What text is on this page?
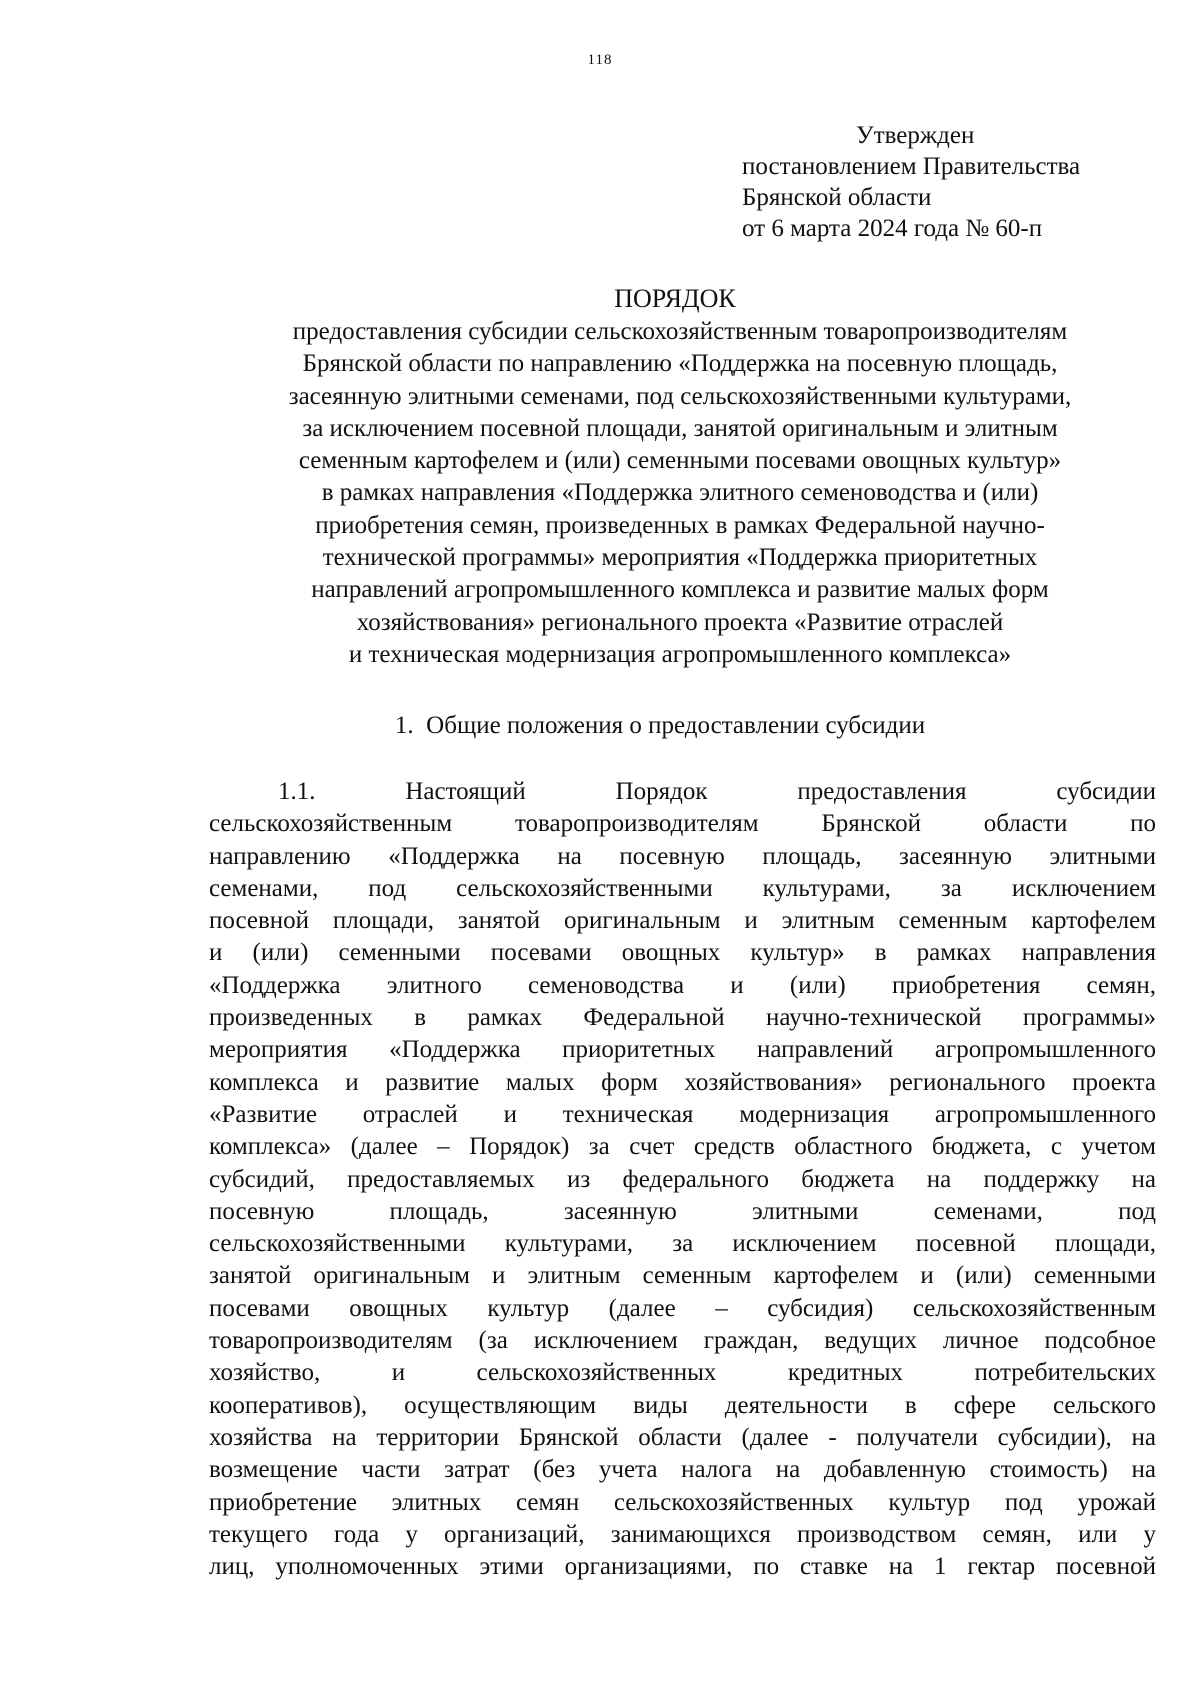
118
Утвержден
постановлением Правительства
Брянской области
от 6 марта 2024 года № 60-п
ПОРЯДОК
предоставления субсидии сельскохозяйственным товаропроизводителям
Брянской области по направлению «Поддержка на посевную площадь,
засеянную элитными семенами, под сельскохозяйственными культурами,
за исключением посевной площади, занятой оригинальным и элитным
семенным картофелем и (или) семенными посевами овощных культур»
в рамках направления «Поддержка элитного семеноводства и (или)
приобретения семян, произведенных в рамках Федеральной научно-
технической программы» мероприятия «Поддержка приоритетных
направлений агропромышленного комплекса и развитие малых форм
хозяйствования» регионального проекта «Развитие отраслей
и техническая модернизация агропромышленного комплекса»
1.  Общие положения о предоставлении субсидии
1.1. Настоящий Порядок предоставления субсидии
сельскохозяйственным товаропроизводителям Брянской области по
направлению «Поддержка на посевную площадь, засеянную элитными
семенами, под сельскохозяйственными культурами, за исключением
посевной площади, занятой оригинальным и элитным семенным картофелем
и (или) семенными посевами овощных культур» в рамках направления
«Поддержка элитного семеноводства и (или) приобретения семян,
произведенных в рамках Федеральной научно-технической программы»
мероприятия «Поддержка приоритетных направлений агропромышленного
комплекса и развитие малых форм хозяйствования» регионального проекта
«Развитие отраслей и техническая модернизация агропромышленного
комплекса» (далее – Порядок) за счет средств областного бюджета, с учетом
субсидий, предоставляемых из федерального бюджета на поддержку на
посевную площадь, засеянную элитными семенами, под
сельскохозяйственными культурами, за исключением посевной площади,
занятой оригинальным и элитным семенным картофелем и (или) семенными
посевами овощных культур (далее – субсидия) сельскохозяйственным
товаропроизводителям (за исключением граждан, ведущих личное подсобное
хозяйство, и сельскохозяйственных кредитных потребительских
кооперативов), осуществляющим виды деятельности в сфере сельского
хозяйства на территории Брянской области (далее - получатели субсидии), на
возмещение части затрат (без учета налога на добавленную стоимость) на
приобретение элитных семян сельскохозяйственных культур под урожай
текущего года у организаций, занимающихся производством семян, или у
лиц, уполномоченных этими организациями, по ставке на 1 гектар посевной
